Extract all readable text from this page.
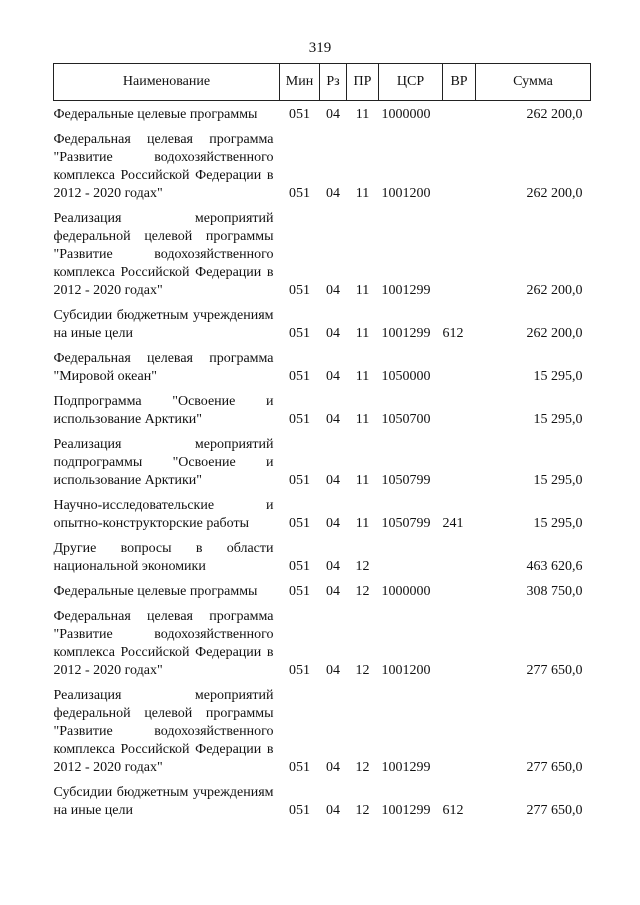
319
Наименование	Мин	Рз	ПР	ЦСР	ВР	Сумма
Федеральные целевые программы	051	04	11	1000000		262 200,0
Федеральная целевая программа "Развитие водохозяйственного комплекса Российской Федерации в 2012 - 2020 годах"	051	04	11	1001200		262 200,0
Реализация мероприятий федеральной целевой программы "Развитие водохозяйственного комплекса Российской Федерации в 2012 - 2020 годах"	051	04	11	1001299		262 200,0
Субсидии бюджетным учреждениям на иные цели	051	04	11	1001299	612	262 200,0
Федеральная целевая программа "Мировой океан"	051	04	11	1050000		15 295,0
Подпрограмма "Освоение и использование Арктики"	051	04	11	1050700		15 295,0
Реализация мероприятий подпрограммы "Освоение и использование Арктики"	051	04	11	1050799		15 295,0
Научно-исследовательские и опытно-конструкторские работы	051	04	11	1050799	241	15 295,0
Другие вопросы в области национальной экономики	051	04	12			463 620,6
Федеральные целевые программы	051	04	12	1000000		308 750,0
Федеральная целевая программа "Развитие водохозяйственного комплекса Российской Федерации в 2012 - 2020 годах"	051	04	12	1001200		277 650,0
Реализация мероприятий федеральной целевой программы "Развитие водохозяйственного комплекса Российской Федерации в 2012 - 2020 годах"	051	04	12	1001299		277 650,0
Субсидии бюджетным учреждениям на иные цели	051	04	12	1001299	612	277 650,0
